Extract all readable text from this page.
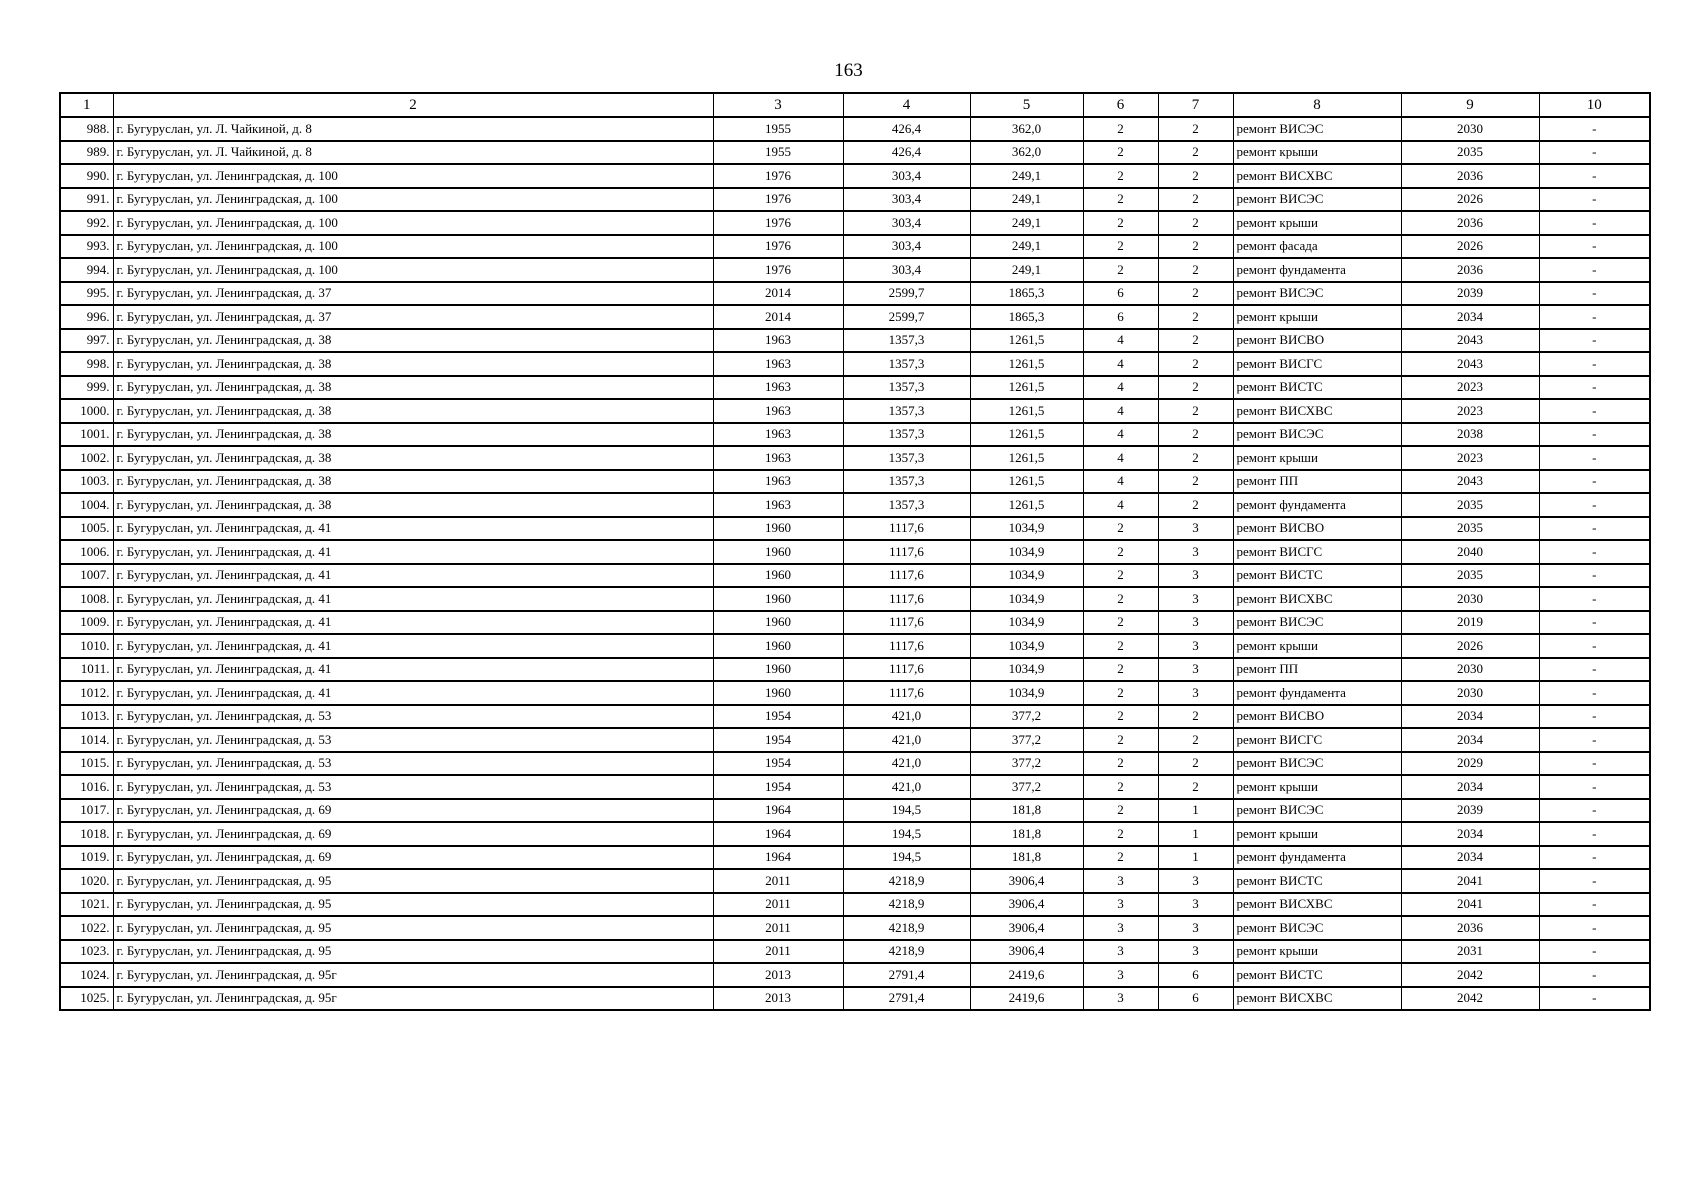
163
1	2	3	4	5	6	7	8	9	10
988.	г. Бугуруслан, ул. Л. Чайкиной, д. 8	1955	426,4	362,0	2	2	ремонт ВИСЭС	2030	-
989.	г. Бугуруслан, ул. Л. Чайкиной, д. 8	1955	426,4	362,0	2	2	ремонт крыши	2035	-
990.	г. Бугуруслан, ул. Ленинградская, д. 100	1976	303,4	249,1	2	2	ремонт ВИСХВС	2036	-
991.	г. Бугуруслан, ул. Ленинградская, д. 100	1976	303,4	249,1	2	2	ремонт ВИСЭС	2026	-
992.	г. Бугуруслан, ул. Ленинградская, д. 100	1976	303,4	249,1	2	2	ремонт крыши	2036	-
993.	г. Бугуруслан, ул. Ленинградская, д. 100	1976	303,4	249,1	2	2	ремонт фасада	2026	-
994.	г. Бугуруслан, ул. Ленинградская, д. 100	1976	303,4	249,1	2	2	ремонт фундамента	2036	-
995.	г. Бугуруслан, ул. Ленинградская, д. 37	2014	2599,7	1865,3	6	2	ремонт ВИСЭС	2039	-
996.	г. Бугуруслан, ул. Ленинградская, д. 37	2014	2599,7	1865,3	6	2	ремонт крыши	2034	-
997.	г. Бугуруслан, ул. Ленинградская, д. 38	1963	1357,3	1261,5	4	2	ремонт ВИСВО	2043	-
998.	г. Бугуруслан, ул. Ленинградская, д. 38	1963	1357,3	1261,5	4	2	ремонт ВИСГС	2043	-
999.	г. Бугуруслан, ул. Ленинградская, д. 38	1963	1357,3	1261,5	4	2	ремонт ВИСТС	2023	-
1000.	г. Бугуруслан, ул. Ленинградская, д. 38	1963	1357,3	1261,5	4	2	ремонт ВИСХВС	2023	-
1001.	г. Бугуруслан, ул. Ленинградская, д. 38	1963	1357,3	1261,5	4	2	ремонт ВИСЭС	2038	-
1002.	г. Бугуруслан, ул. Ленинградская, д. 38	1963	1357,3	1261,5	4	2	ремонт крыши	2023	-
1003.	г. Бугуруслан, ул. Ленинградская, д. 38	1963	1357,3	1261,5	4	2	ремонт ПП	2043	-
1004.	г. Бугуруслан, ул. Ленинградская, д. 38	1963	1357,3	1261,5	4	2	ремонт фундамента	2035	-
1005.	г. Бугуруслан, ул. Ленинградская, д. 41	1960	1117,6	1034,9	2	3	ремонт ВИСВО	2035	-
1006.	г. Бугуруслан, ул. Ленинградская, д. 41	1960	1117,6	1034,9	2	3	ремонт ВИСГС	2040	-
1007.	г. Бугуруслан, ул. Ленинградская, д. 41	1960	1117,6	1034,9	2	3	ремонт ВИСТС	2035	-
1008.	г. Бугуруслан, ул. Ленинградская, д. 41	1960	1117,6	1034,9	2	3	ремонт ВИСХВС	2030	-
1009.	г. Бугуруслан, ул. Ленинградская, д. 41	1960	1117,6	1034,9	2	3	ремонт ВИСЭС	2019	-
1010.	г. Бугуруслан, ул. Ленинградская, д. 41	1960	1117,6	1034,9	2	3	ремонт крыши	2026	-
1011.	г. Бугуруслан, ул. Ленинградская, д. 41	1960	1117,6	1034,9	2	3	ремонт ПП	2030	-
1012.	г. Бугуруслан, ул. Ленинградская, д. 41	1960	1117,6	1034,9	2	3	ремонт фундамента	2030	-
1013.	г. Бугуруслан, ул. Ленинградская, д. 53	1954	421,0	377,2	2	2	ремонт ВИСВО	2034	-
1014.	г. Бугуруслан, ул. Ленинградская, д. 53	1954	421,0	377,2	2	2	ремонт ВИСГС	2034	-
1015.	г. Бугуруслан, ул. Ленинградская, д. 53	1954	421,0	377,2	2	2	ремонт ВИСЭС	2029	-
1016.	г. Бугуруслан, ул. Ленинградская, д. 53	1954	421,0	377,2	2	2	ремонт крыши	2034	-
1017.	г. Бугуруслан, ул. Ленинградская, д. 69	1964	194,5	181,8	2	1	ремонт ВИСЭС	2039	-
1018.	г. Бугуруслан, ул. Ленинградская, д. 69	1964	194,5	181,8	2	1	ремонт крыши	2034	-
1019.	г. Бугуруслан, ул. Ленинградская, д. 69	1964	194,5	181,8	2	1	ремонт фундамента	2034	-
1020.	г. Бугуруслан, ул. Ленинградская, д. 95	2011	4218,9	3906,4	3	3	ремонт ВИСТС	2041	-
1021.	г. Бугуруслан, ул. Ленинградская, д. 95	2011	4218,9	3906,4	3	3	ремонт ВИСХВС	2041	-
1022.	г. Бугуруслан, ул. Ленинградская, д. 95	2011	4218,9	3906,4	3	3	ремонт ВИСЭС	2036	-
1023.	г. Бугуруслан, ул. Ленинградская, д. 95	2011	4218,9	3906,4	3	3	ремонт крыши	2031	-
1024.	г. Бугуруслан, ул. Ленинградская, д. 95г	2013	2791,4	2419,6	3	6	ремонт ВИСТС	2042	-
1025.	г. Бугуруслан, ул. Ленинградская, д. 95г	2013	2791,4	2419,6	3	6	ремонт ВИСХВС	2042	-
